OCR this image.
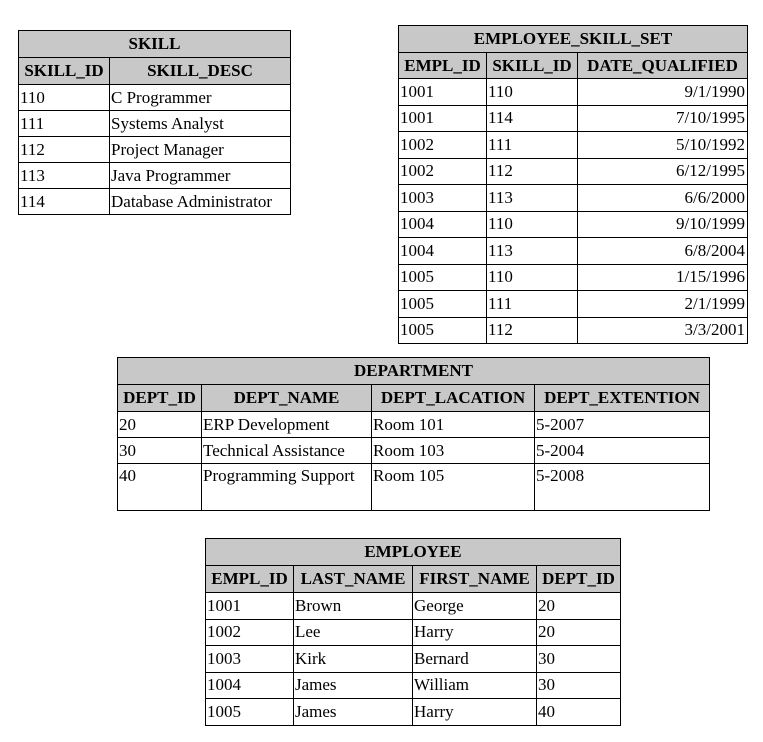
SKILL
SKILL_ID	SKILL_DESC
110	C Programmer
111	Systems Analyst
112	Project Manager
113	Java Programmer
114	Database Administrator
EMPLOYEE_SKILL_SET
EMPL_ID SKILL_ID DATE_QUALIFIED
1001	110	9/1/1990
1001	114	7/10/1995
1002	111	5/10/1992
1002	112	6/12/1995
1003	113	6/6/2000
1004	110	9/10/1999
1004	113	6/8/2004
1005	110	1/15/1996
1005	111	2/1/1999
1005	112	3/3/2001
DEPARTMENT
DEPT_ID	DEPT_NAME	DEPT_LACATION	DEPT_EXTENTION
20	ERP Development	Room 101	5-2007
30	Technical Assistance	Room 103	5-2004
40	Programming Support	Room 105	5-2008
EMPLOYEE
EMPL_ID LAST_NAME FIRST_NAME DEPT_ID
1001	Brown	George	20
1002	Lee	Harry	20
1003	Kirk	Bernard	30
1004	James	William	30
1005	James	Harry	40
